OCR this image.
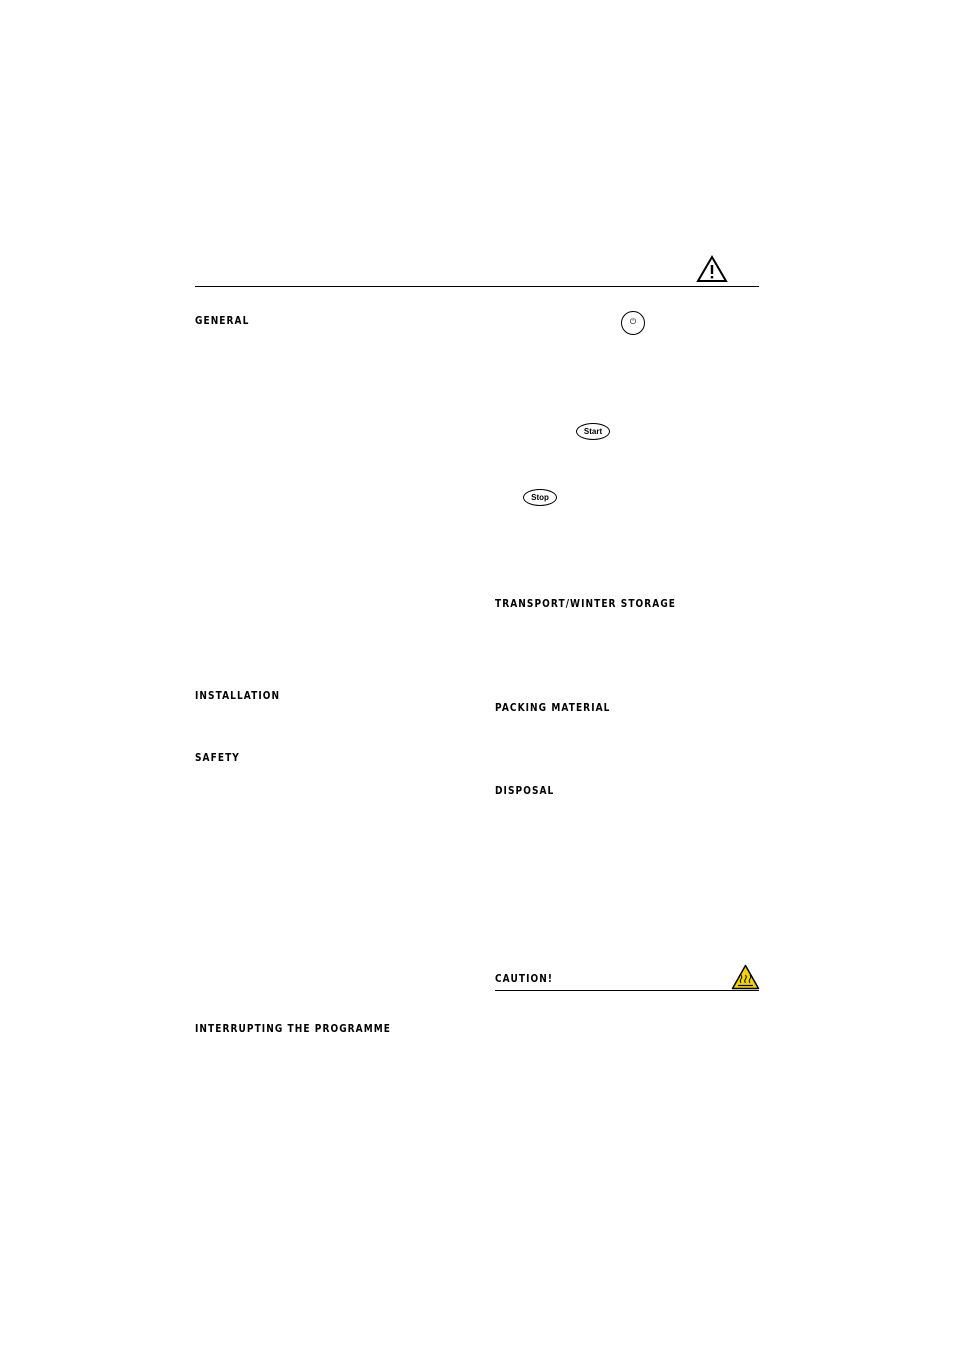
GENERAL
INSTALLATION
SAFETY
INTERRUPTING THE PROGRAMME
TRANSPORT/WINTER STORAGE
PACKING MATERIAL
DISPOSAL
CAUTION!
⏻
Start
Stop
